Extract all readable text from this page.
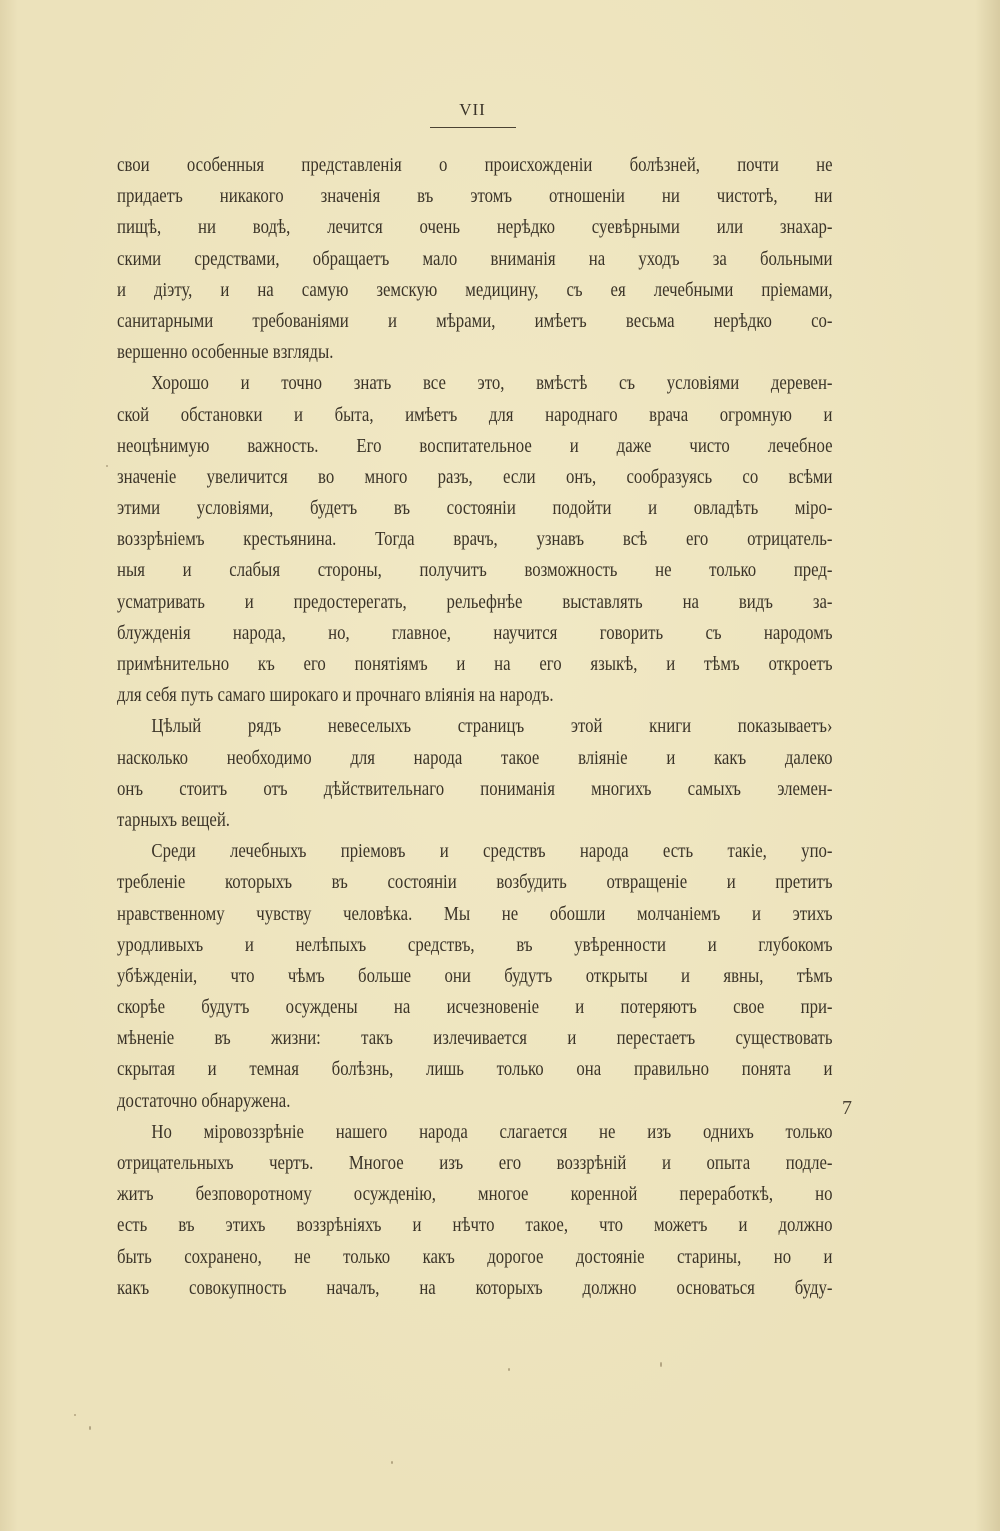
VII
свои особенныя представленія о происхожденіи болѣзней, почти не
придаетъ никакого значенія въ этомъ отношеніи ни чистотѣ, ни
пищѣ, ни водѣ, лечится очень нерѣдко суевѣрными или знахар-
скими средствами, обращаетъ мало вниманія на уходъ за больными
и діэту, и на самую земскую медицину, съ ея лечебными пріемами,
санитарными требованіями и мѣрами, имѣетъ весьма нерѣдко со-
вершенно особенные взгляды.
Хорошо и точно знать все это, вмѣстѣ съ условіями деревен-
ской обстановки и быта, имѣетъ для народнаго врача огромную и
неоцѣнимую важность. Его воспитательное и даже чисто лечебное
значеніе увеличится во много разъ, если онъ, сообразуясь со всѣми
этими условіями, будетъ въ состояніи подойти и овладѣть міро-
воззрѣніемъ крестьянина. Тогда врачъ, узнавъ всѣ его отрицатель-
ныя и слабыя стороны, получитъ возможность не только пред-
усматривать и предостерегать, рельефнѣе выставлять на видъ за-
блужденія народа, но, главное, научится говорить съ народомъ
примѣнительно къ его понятіямъ и на его языкѣ, и тѣмъ откроетъ
для себя путь самаго широкаго и прочнаго вліянія на народъ.
Цѣлый рядъ невеселыхъ страницъ этой книги показываетъ›
насколько необходимо для народа такое вліяніе и какъ далеко
онъ стоитъ отъ дѣйствительнаго пониманія многихъ самыхъ элемен-
тарныхъ вещей.
Среди лечебныхъ пріемовъ и средствъ народа есть такіе, упо-
требленіе которыхъ въ состояніи возбудить отвращеніе и претитъ
нравственному чувству человѣка. Мы не обошли молчаніемъ и этихъ
уродливыхъ и нелѣпыхъ средствъ, въ увѣренности и глубокомъ
убѣжденіи, что чѣмъ больше они будутъ открыты и явны, тѣмъ
скорѣе будутъ осуждены на исчезновеніе и потеряютъ свое при-
мѣненіе въ жизни: такъ излечивается и перестаетъ существовать
скрытая и темная болѣзнь, лишь только она правильно понята и
достаточно обнаружена.
Но міровоззрѣніе нашего народа слагается не изъ однихъ только
отрицательныхъ чертъ. Многое изъ его воззрѣній и опыта подле-
житъ безповоротному осужденію, многое коренной переработкѣ, но
есть въ этихъ воззрѣніяхъ и нѣчто такое, что можетъ и должно
быть сохранено, не только какъ дорогое достояніе старины, но и
какъ совокупность началъ, на которыхъ должно основаться буду-
7
